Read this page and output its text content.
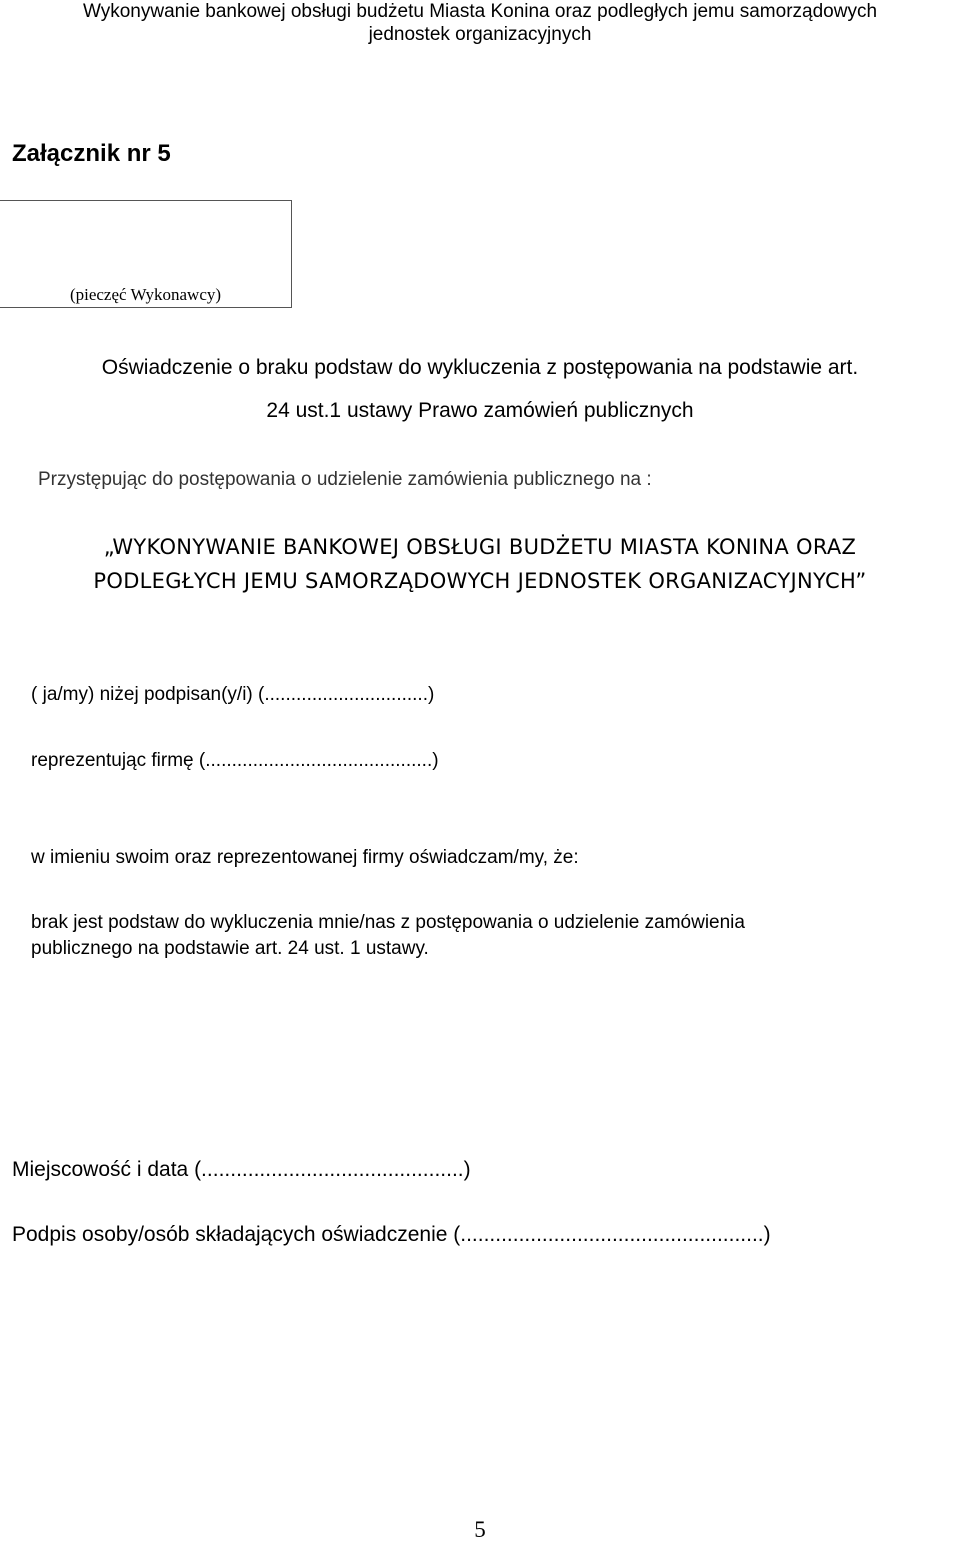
Wykonywanie bankowej obsługi budżetu Miasta Konina oraz podległych jemu samorządowych
jednostek organizacyjnych
Załącznik nr 5
(pieczęć Wykonawcy)
Oświadczenie o braku podstaw do wykluczenia z postępowania na podstawie art.
24 ust.1 ustawy Prawo zamówień publicznych
Przystępując do postępowania o udzielenie zamówienia publicznego na :
„WYKONYWANIE BANKOWEJ OBSŁUGI BUDŻETU MIASTA KONINA ORAZ
PODLEGŁYCH JEMU SAMORZĄDOWYCH JEDNOSTEK ORGANIZACYJNYCH”
( ja/my) niżej podpisan(y/i) (...............................)
reprezentując firmę (...........................................)
w imieniu swoim oraz reprezentowanej firmy oświadczam/my, że:
brak jest podstaw do wykluczenia mnie/nas z postępowania o udzielenie zamówienia
publicznego na podstawie art. 24 ust. 1 ustawy.
Miejscowość i data (.............................................)
Podpis osoby/osób składających oświadczenie (....................................................)
5
